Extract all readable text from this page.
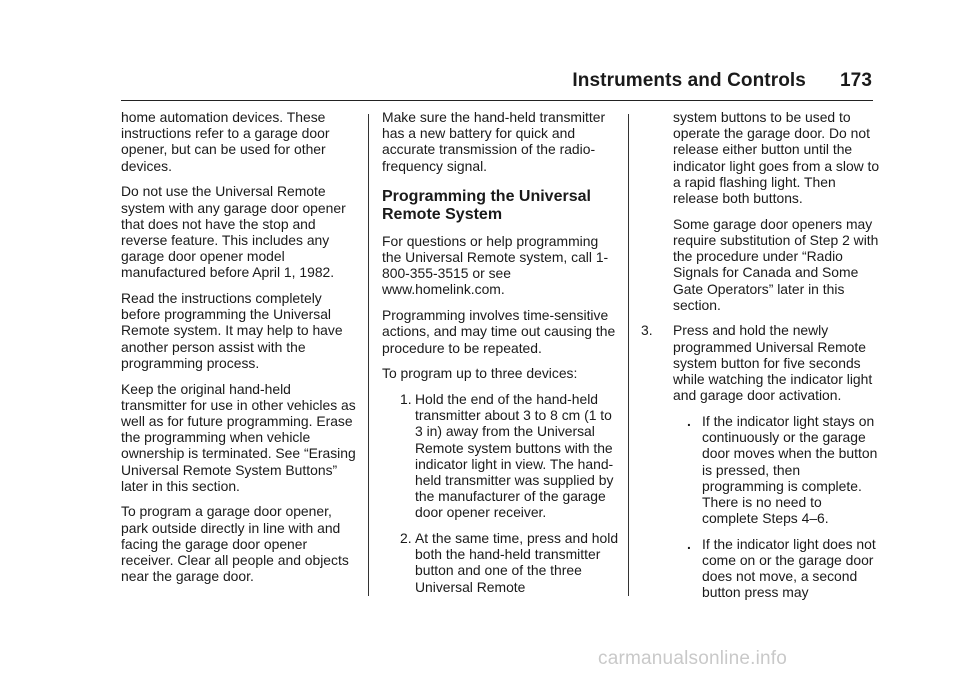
Instruments and Controls 173

home automation devices. These instructions refer to a garage door opener, but can be used for other devices.

Do not use the Universal Remote system with any garage door opener that does not have the stop and reverse feature. This includes any garage door opener model manufactured before April 1, 1982.

Read the instructions completely before programming the Universal Remote system. It may help to have another person assist with the programming process.

Keep the original hand-held transmitter for use in other vehicles as well as for future programming. Erase the programming when vehicle ownership is terminated. See “Erasing Universal Remote System Buttons” later in this section.

To program a garage door opener, park outside directly in line with and facing the garage door opener receiver. Clear all people and objects near the garage door.

Make sure the hand-held transmitter has a new battery for quick and accurate transmission of the radio-frequency signal.

Programming the Universal Remote System

For questions or help programming the Universal Remote system, call 1-800-355-3515 or see www.homelink.com.

Programming involves time-sensitive actions, and may time out causing the procedure to be repeated.

To program up to three devices:

1. Hold the end of the hand-held transmitter about 3 to 8 cm (1 to 3 in) away from the Universal Remote system buttons with the indicator light in view. The hand-held transmitter was supplied by the manufacturer of the garage door opener receiver.
2. At the same time, press and hold both the hand-held transmitter button and one of the three Universal Remote

system buttons to be used to operate the garage door. Do not release either button until the indicator light goes from a slow to a rapid flashing light. Then release both buttons.

Some garage door openers may require substitution of Step 2 with the procedure under “Radio Signals for Canada and Some Gate Operators” later in this section.

3. Press and hold the newly programmed Universal Remote system button for five seconds while watching the indicator light and garage door activation.
. If the indicator light stays on continuously or the garage door moves when the button is pressed, then programming is complete. There is no need to complete Steps 4–6.
. If the indicator light does not come on or the garage door does not move, a second button press may
carmanualsonline.info
